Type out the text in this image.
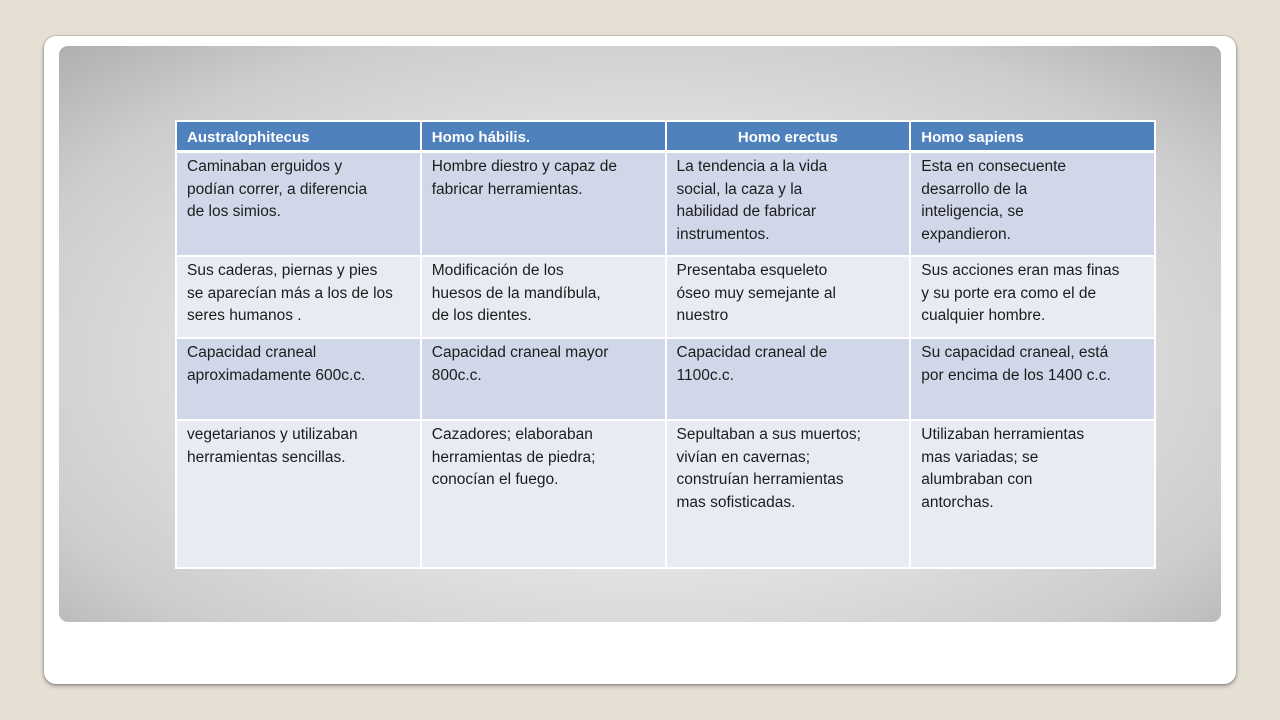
Australophitecus	Homo hábilis.	Homo erectus	Homo sapiens

Caminaban erguidos y
podían correr, a diferencia
de los simios.	Hombre diestro y capaz de
fabricar herramientas.	La tendencia a la vida
social, la caza y la
habilidad de fabricar
instrumentos.	Esta en consecuente
desarrollo de la
inteligencia, se
expandieron.

Sus caderas, piernas y pies
se aparecían más a los de los
seres humanos .	Modificación de los
huesos de la mandíbula,
de los dientes.	Presentaba esqueleto
óseo muy semejante al
nuestro	Sus acciones eran mas finas
y su porte era como el de
cualquier hombre.

Capacidad craneal
aproximadamente 600c.c.	Capacidad craneal mayor
800c.c.	Capacidad craneal de
1100c.c.	Su capacidad craneal, está
por encima de los 1400 c.c.

vegetarianos y utilizaban
herramientas sencillas.	Cazadores; elaboraban
herramientas de piedra;
conocían el fuego.	Sepultaban a sus muertos;
vivían en cavernas;
construían herramientas
mas sofisticadas.	Utilizaban herramientas
mas variadas; se
alumbraban con
antorchas.
